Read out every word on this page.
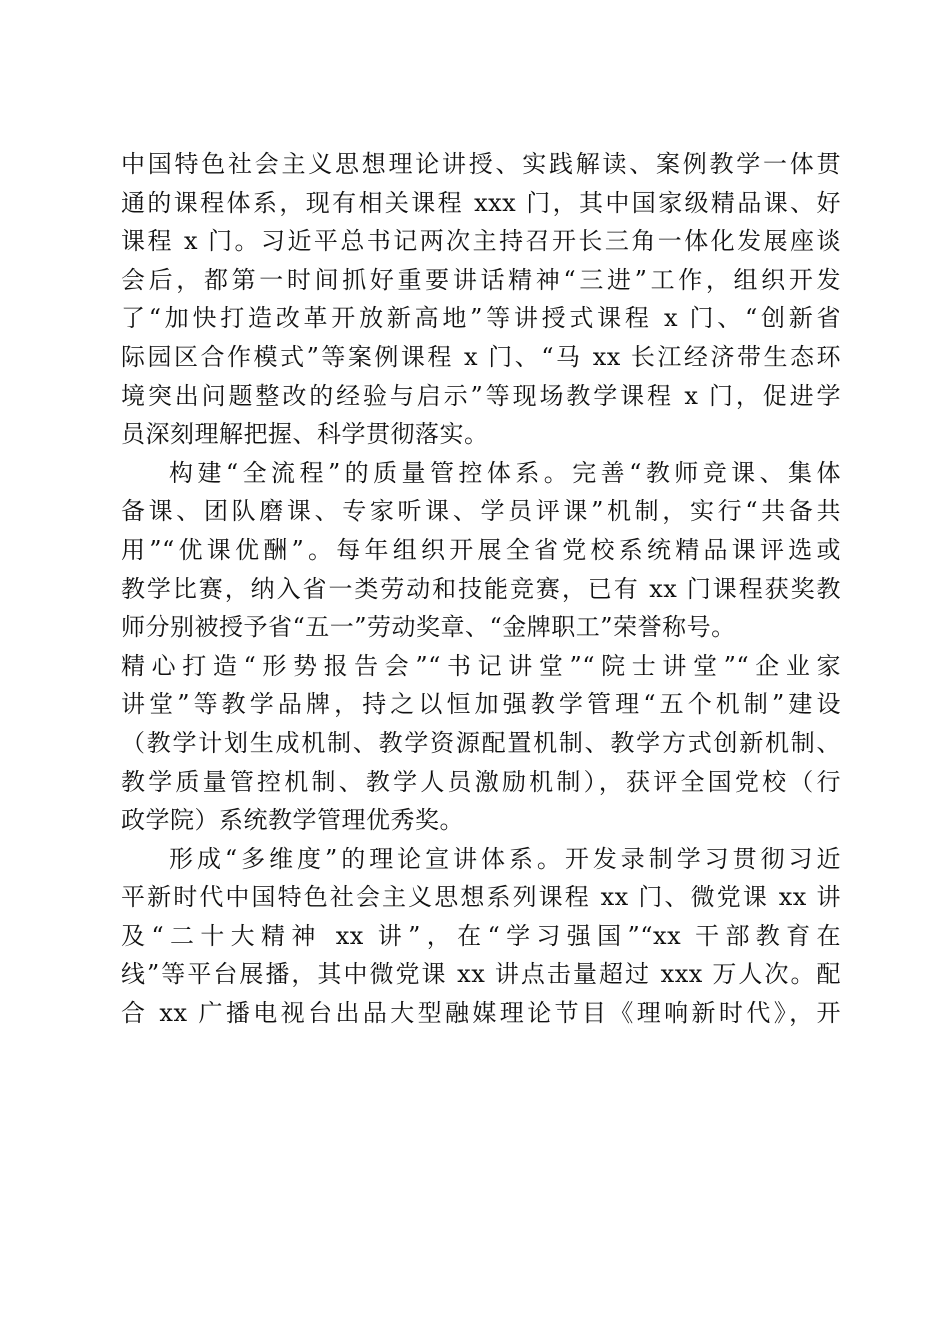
中国特色社会主义思想理论讲授、实践解读、案例教学一体贯
通的课程体系，现有相关课程 xxx 门，其中国家级精品课、好
课程 x 门。习近平总书记两次主持召开长三角一体化发展座谈
会后，都第一时间抓好重要讲话精神“三进”工作，组织开发
了“加快打造改革开放新高地”等讲授式课程 x 门、“创新省
际园区合作模式”等案例课程 x 门、“马 xx 长江经济带生态环
境突出问题整改的经验与启示”等现场教学课程 x 门，促进学
员深刻理解把握、科学贯彻落实。
构建“全流程”的质量管控体系。完善“教师竞课、集体
备课、团队磨课、专家听课、学员评课”机制，实行“共备共
用”“优课优酬”。每年组织开展全省党校系统精品课评选或
教学比赛，纳入省一类劳动和技能竞赛，已有 xx 门课程获奖教
师分别被授予省“五一”劳动奖章、“金牌职工”荣誉称号。
精心打造“形势报告会”“书记讲堂”“院士讲堂”“企业家
讲堂”等教学品牌，持之以恒加强教学管理“五个机制”建设
（教学计划生成机制、教学资源配置机制、教学方式创新机制、
教学质量管控机制、教学人员激励机制），获评全国党校（行
政学院）系统教学管理优秀奖。
形成“多维度”的理论宣讲体系。开发录制学习贯彻习近
平新时代中国特色社会主义思想系列课程 xx 门、微党课 xx 讲
及“二十大精神 xx 讲”，在“学习强国”“xx 干部教育在
线”等平台展播，其中微党课 xx 讲点击量超过 xxx 万人次。配
合 xx 广播电视台出品大型融媒理论节目《理响新时代》，开
